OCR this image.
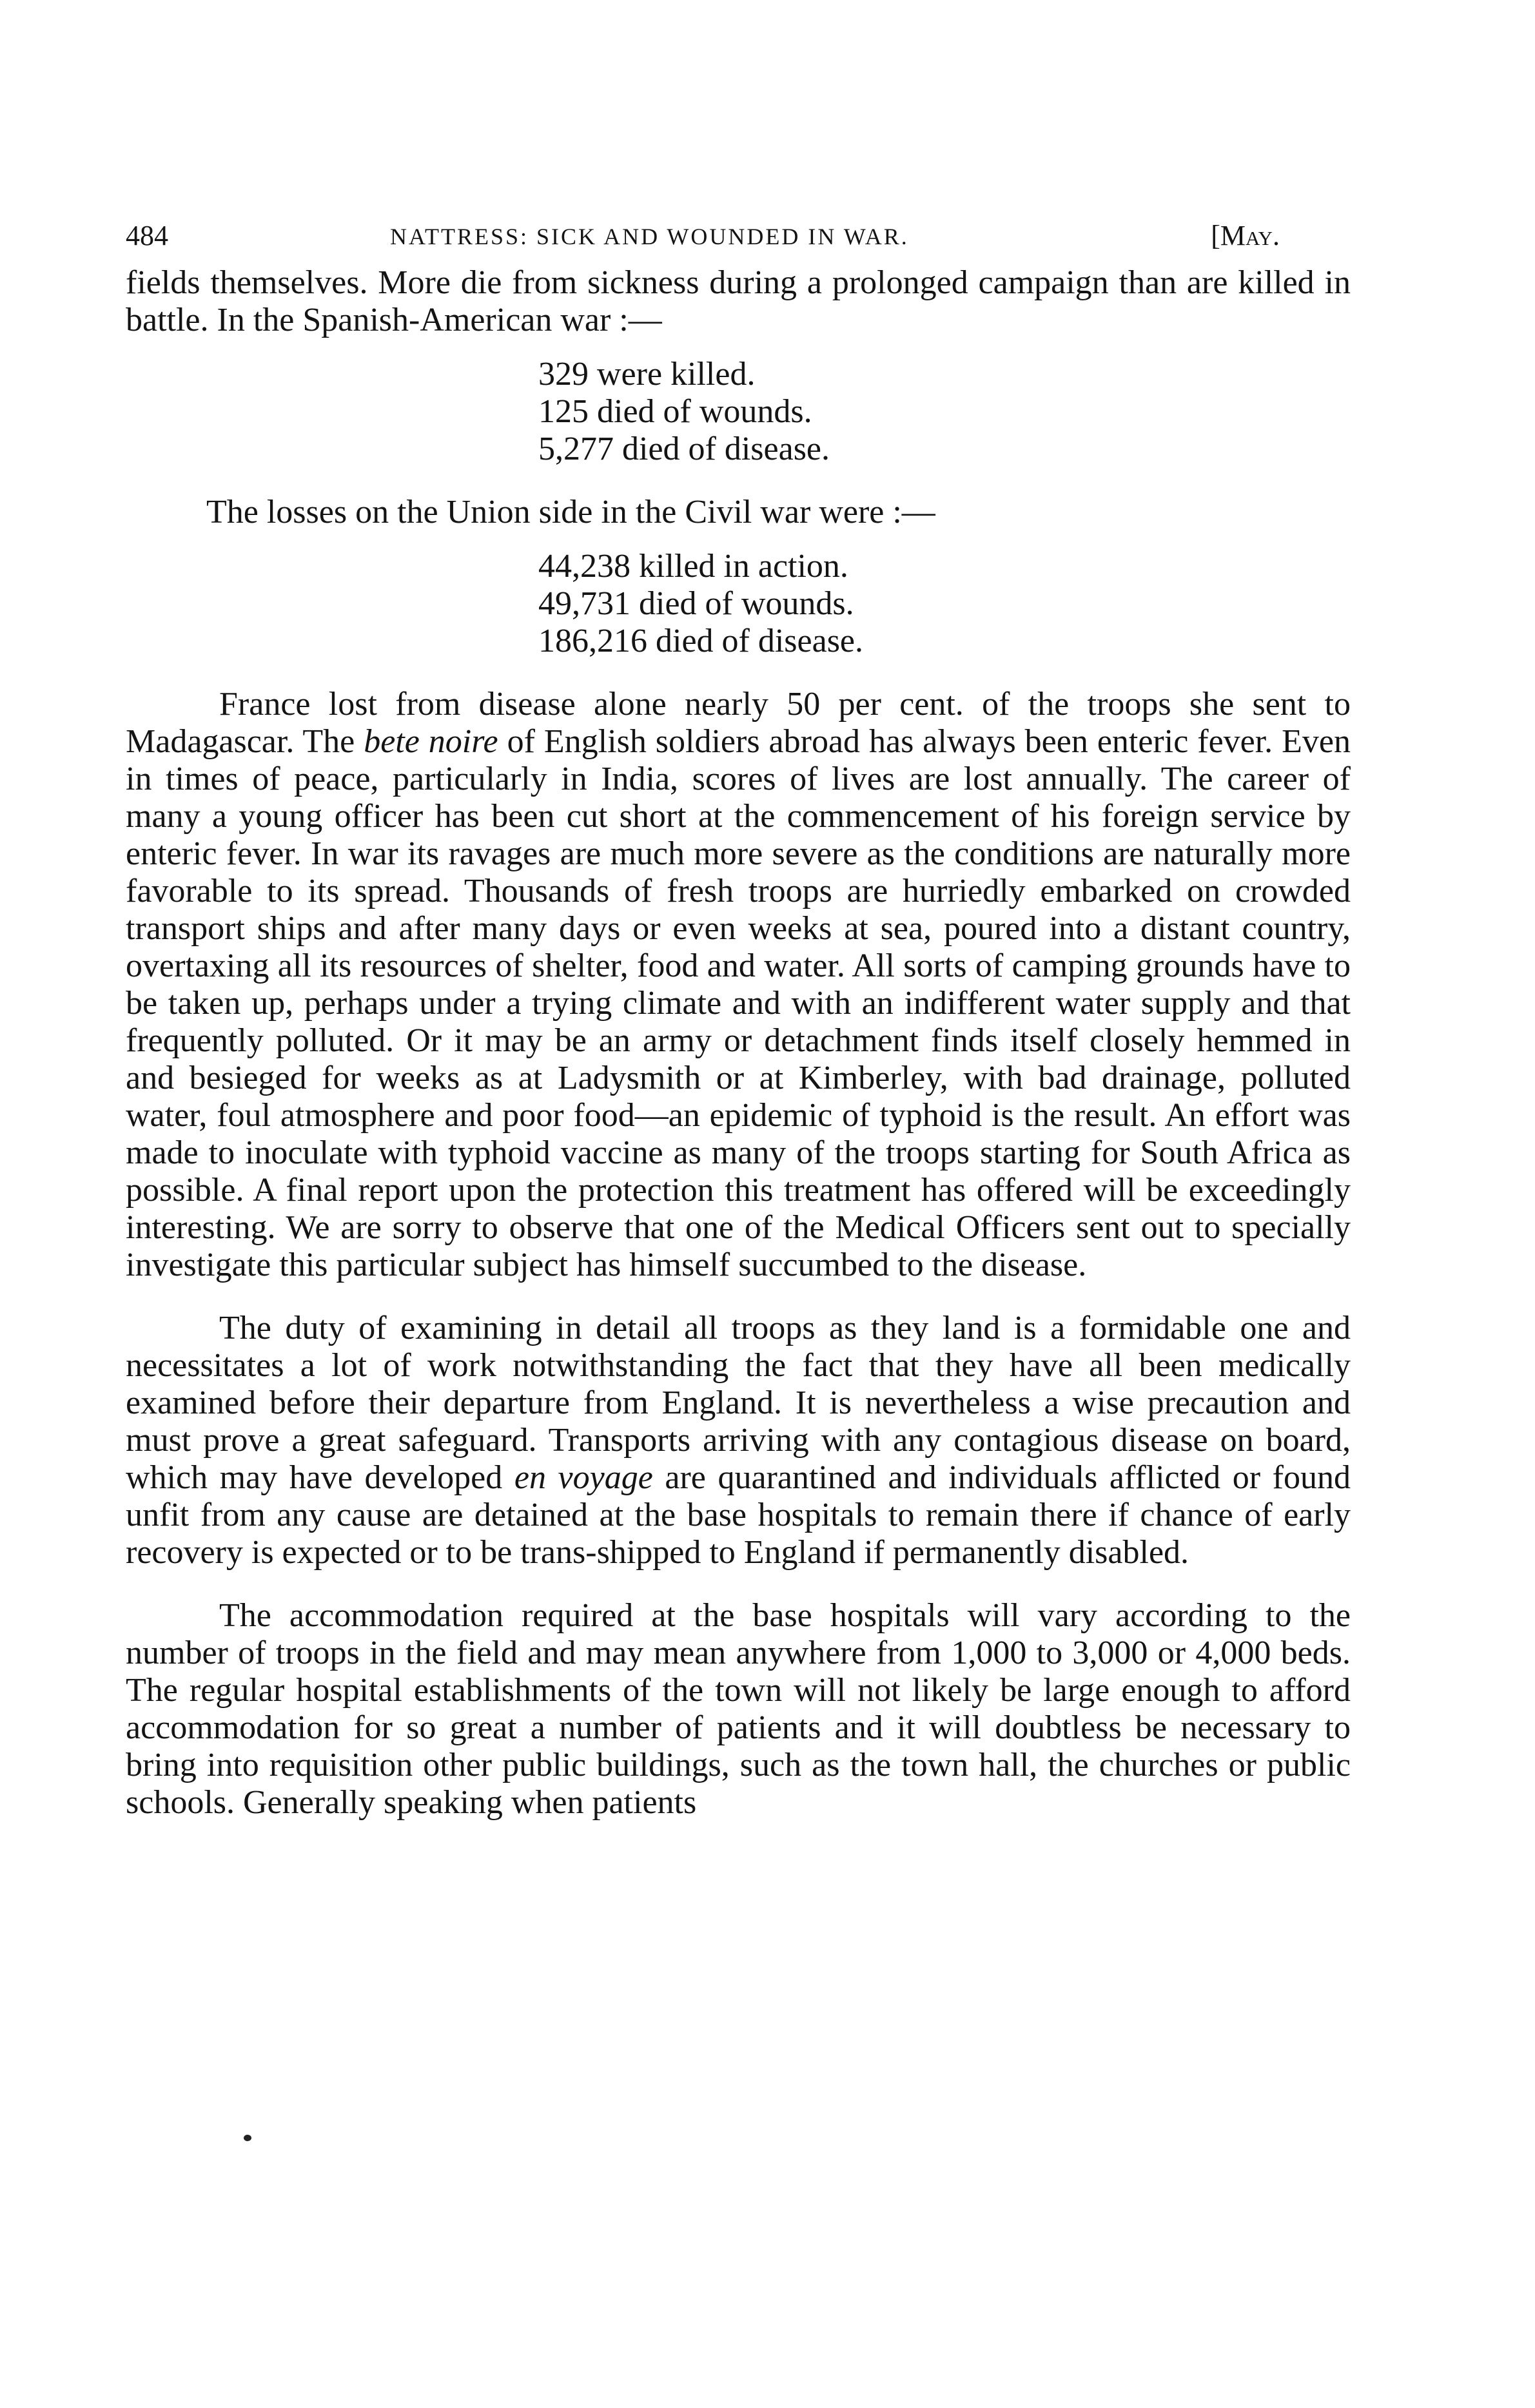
484	NATTRESS: SICK AND WOUNDED IN WAR.	[May.

fields themselves. More die from sickness during a prolonged campaign than are killed in battle. In the Spanish-American war :—

329 were killed.
125 died of wounds.
5,277 died of disease.
The losses on the Union side in the Civil war were :—
44,238 killed in action.
49,731 died of wounds.
186,216 died of disease.

France lost from disease alone nearly 50 per cent. of the troops she sent to Madagascar. The bete noire of English soldiers abroad has always been enteric fever. Even in times of peace, particularly in India, scores of lives are lost annually. The career of many a young officer has been cut short at the commencement of his foreign service by enteric fever. In war its ravages are much more severe as the conditions are naturally more favorable to its spread. Thousands of fresh troops are hurriedly embarked on crowded transport ships and after many days or even weeks at sea, poured into a distant country, overtaxing all its resources of shelter, food and water. All sorts of camping grounds have to be taken up, perhaps under a trying climate and with an indifferent water supply and that frequently polluted. Or it may be an army or detachment finds itself closely hemmed in and besieged for weeks as at Ladysmith or at Kimberley, with bad drainage, polluted water, foul atmosphere and poor food—an epidemic of typhoid is the result. An effort was made to inoculate with typhoid vaccine as many of the troops starting for South Africa as possible. A final report upon the protection this treatment has offered will be exceedingly interesting. We are sorry to observe that one of the Medical Officers sent out to specially investigate this particular subject has himself succumbed to the disease.

The duty of examining in detail all troops as they land is a formidable one and necessitates a lot of work notwithstanding the fact that they have all been medically examined before their departure from England. It is nevertheless a wise precaution and must prove a great safeguard. Transports arriving with any contagious disease on board, which may have developed en voyage are quarantined and individuals afflicted or found unfit from any cause are detained at the base hospitals to remain there if chance of early recovery is expected or to be trans-shipped to England if permanently disabled.

The accommodation required at the base hospitals will vary according to the number of troops in the field and may mean anywhere from 1,000 to 3,000 or 4,000 beds. The regular hospital establishments of the town will not likely be large enough to afford accommodation for so great a number of patients and it will doubtless be necessary to bring into requisition other public buildings, such as the town hall, the churches or public schools. Generally speaking when patients
